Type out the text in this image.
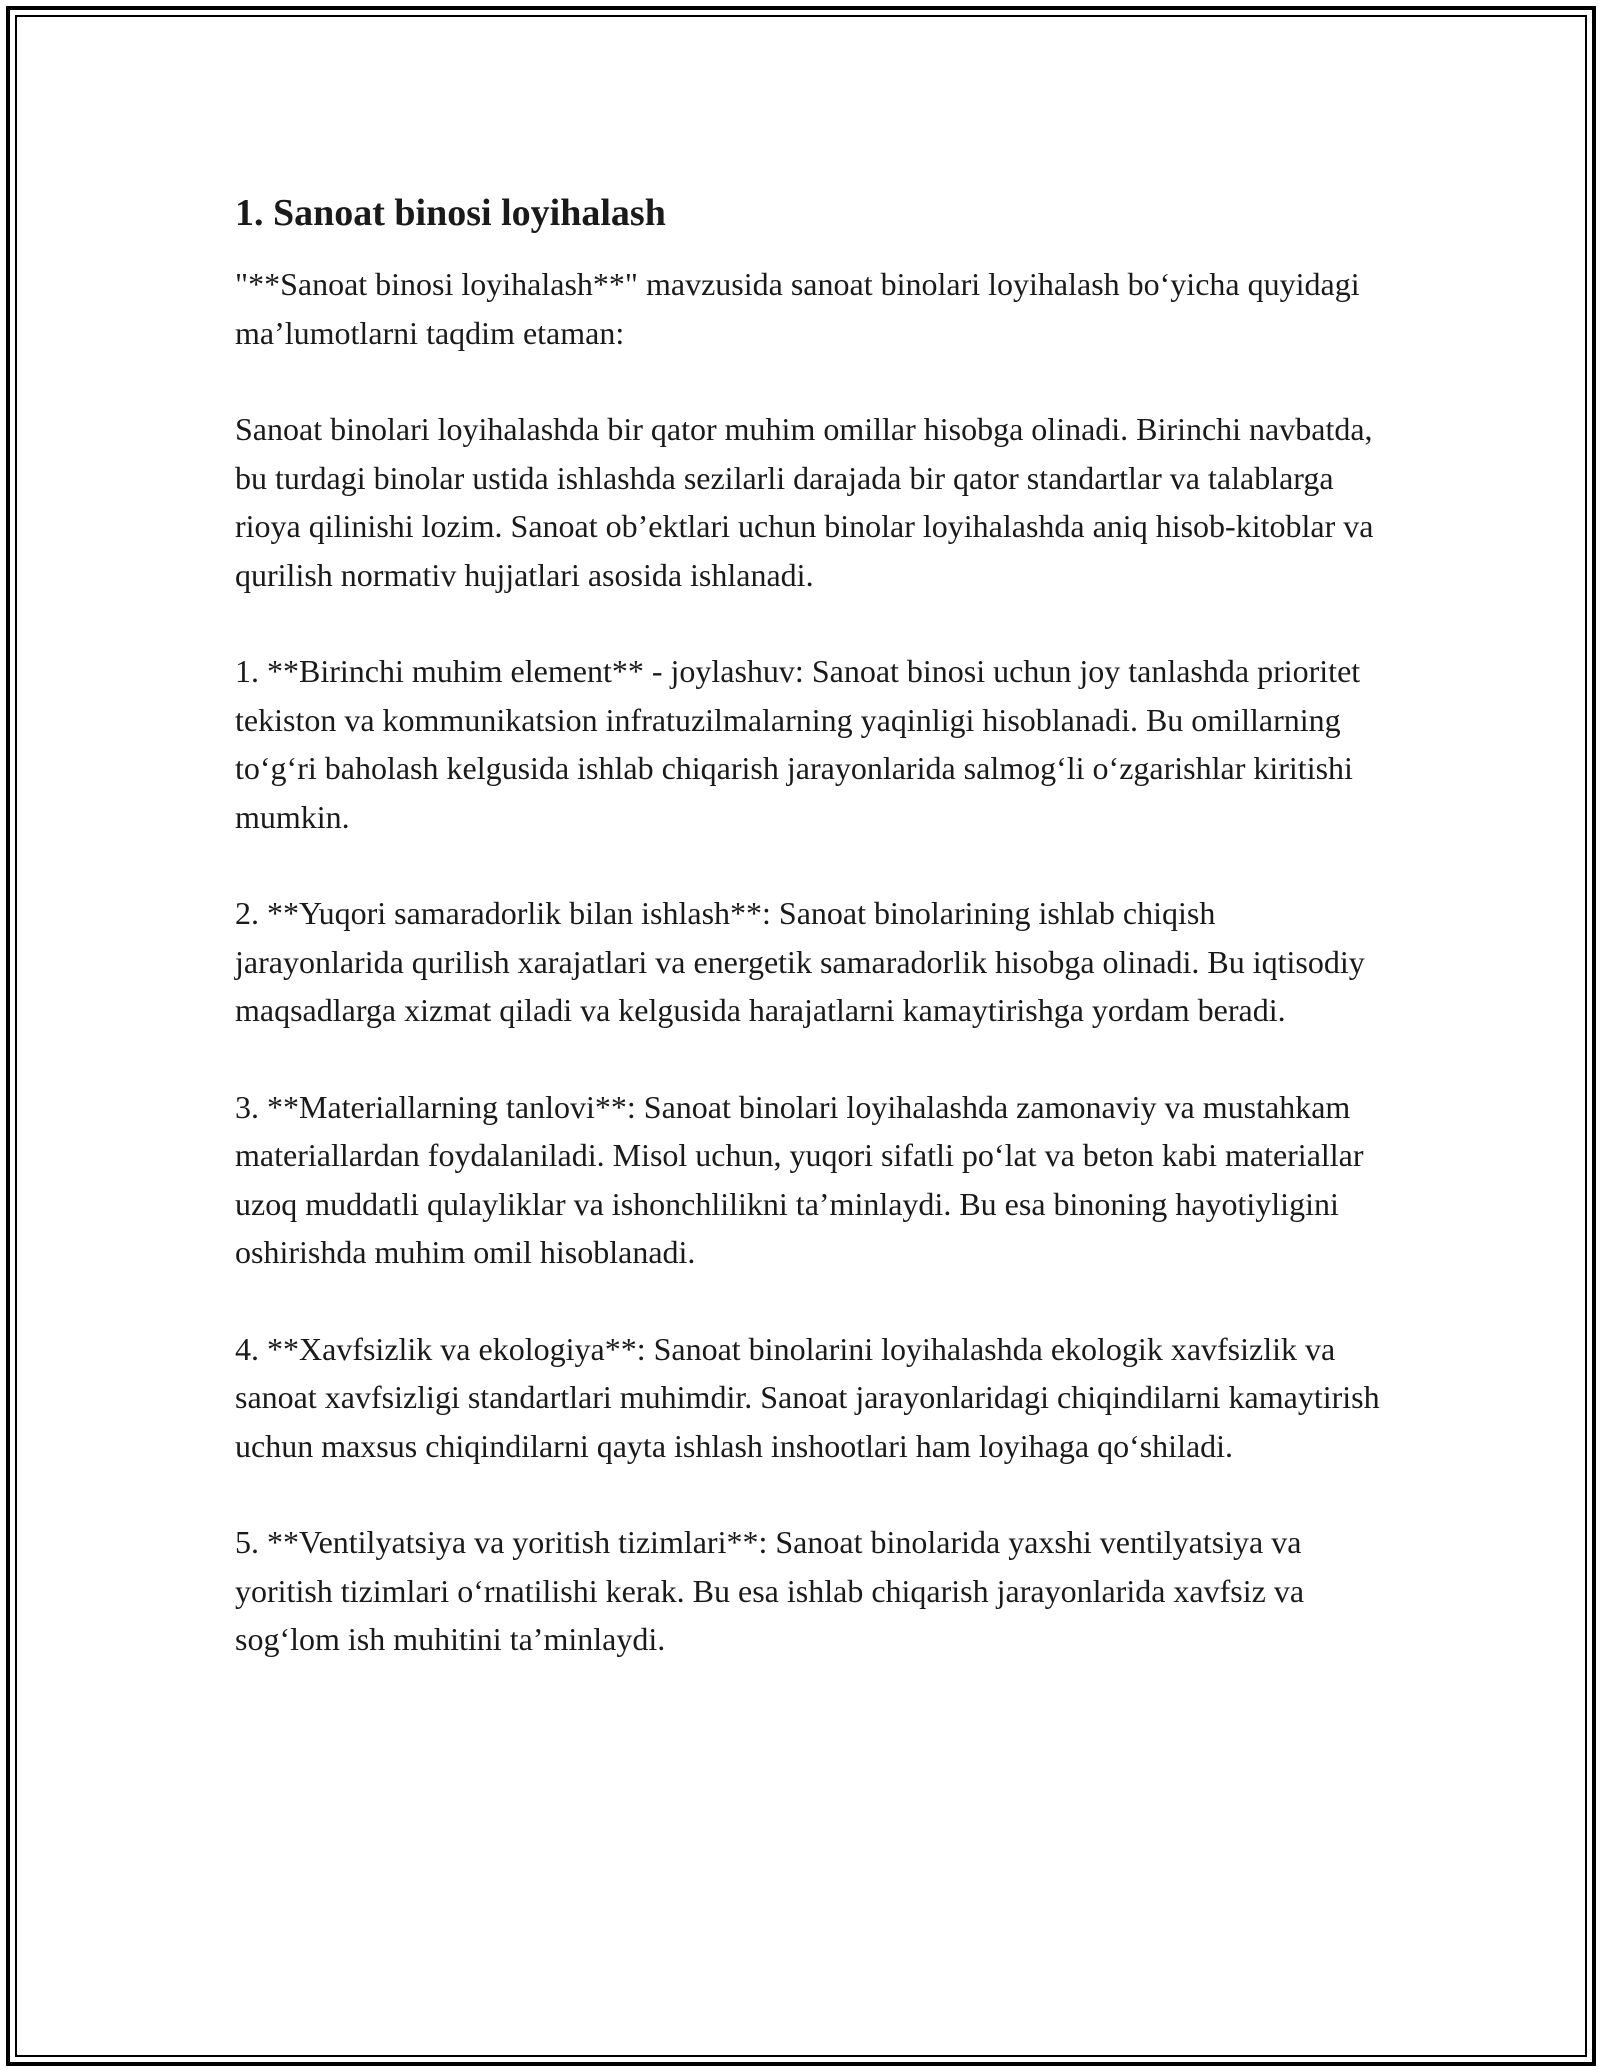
1. Sanoat binosi loyihalash

"**Sanoat binosi loyihalash**" mavzusida sanoat binolari loyihalash bo‘yicha quyidagi ma’lumotlarni taqdim etaman:

Sanoat binolari loyihalashda bir qator muhim omillar hisobga olinadi. Birinchi navbatda, bu turdagi binolar ustida ishlashda sezilarli darajada bir qator standartlar va talablarga rioya qilinishi lozim. Sanoat ob’ektlari uchun binolar loyihalashda aniq hisob-kitoblar va qurilish normativ hujjatlari asosida ishlanadi.

1. **Birinchi muhim element** - joylashuv: Sanoat binosi uchun joy tanlashda prioritet tekiston va kommunikatsion infratuzilmalarning yaqinligi hisoblanadi. Bu omillarning to‘g‘ri baholash kelgusida ishlab chiqarish jarayonlarida salmog‘li o‘zgarishlar kiritishi mumkin.

2. **Yuqori samaradorlik bilan ishlash**: Sanoat binolarining ishlab chiqish jarayonlarida qurilish xarajatlari va energetik samaradorlik hisobga olinadi. Bu iqtisodiy maqsadlarga xizmat qiladi va kelgusida harajatlarni kamaytirishga yordam beradi.

3. **Materiallarning tanlovi**: Sanoat binolari loyihalashda zamonaviy va mustahkam materiallardan foydalaniladi. Misol uchun, yuqori sifatli po‘lat va beton kabi materiallar uzoq muddatli qulayliklar va ishonchlilikni ta’minlaydi. Bu esa binoning hayotiyligini oshirishda muhim omil hisoblanadi.

4. **Xavfsizlik va ekologiya**: Sanoat binolarini loyihalashda ekologik xavfsizlik va sanoat xavfsizligi standartlari muhimdir. Sanoat jarayonlaridagi chiqindilarni kamaytirish uchun maxsus chiqindilarni qayta ishlash inshootlari ham loyihaga qo‘shiladi.

5. **Ventilyatsiya va yoritish tizimlari**: Sanoat binolarida yaxshi ventilyatsiya va yoritish tizimlari o‘rnatilishi kerak. Bu esa ishlab chiqarish jarayonlarida xavfsiz va sog‘lom ish muhitini ta’minlaydi.
